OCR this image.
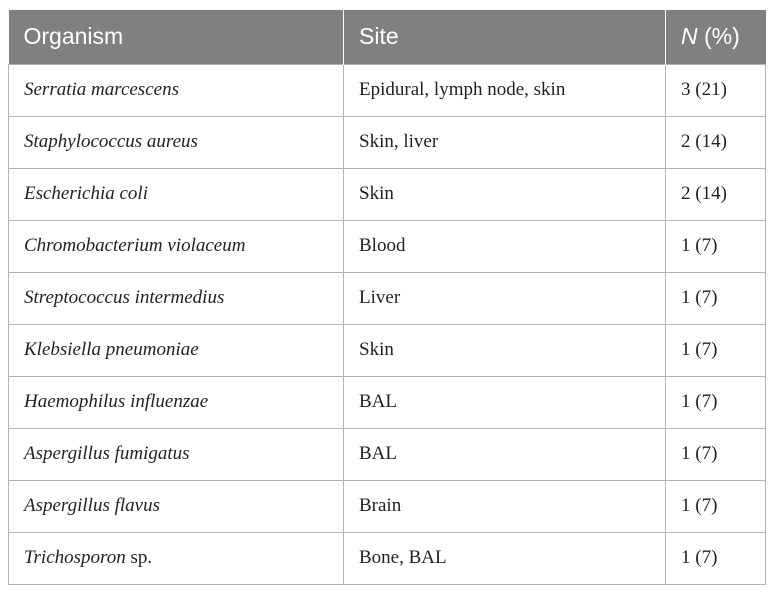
Organism	Site	N (%)
Serratia marcescens	Epidural, lymph node, skin	3 (21)
Staphylococcus aureus	Skin, liver	2 (14)
Escherichia coli	Skin	2 (14)
Chromobacterium violaceum	Blood	1 (7)
Streptococcus intermedius	Liver	1 (7)
Klebsiella pneumoniae	Skin	1 (7)
Haemophilus influenzae	BAL	1 (7)
Aspergillus fumigatus	BAL	1 (7)
Aspergillus flavus	Brain	1 (7)
Trichosporon sp.	Bone, BAL	1 (7)
